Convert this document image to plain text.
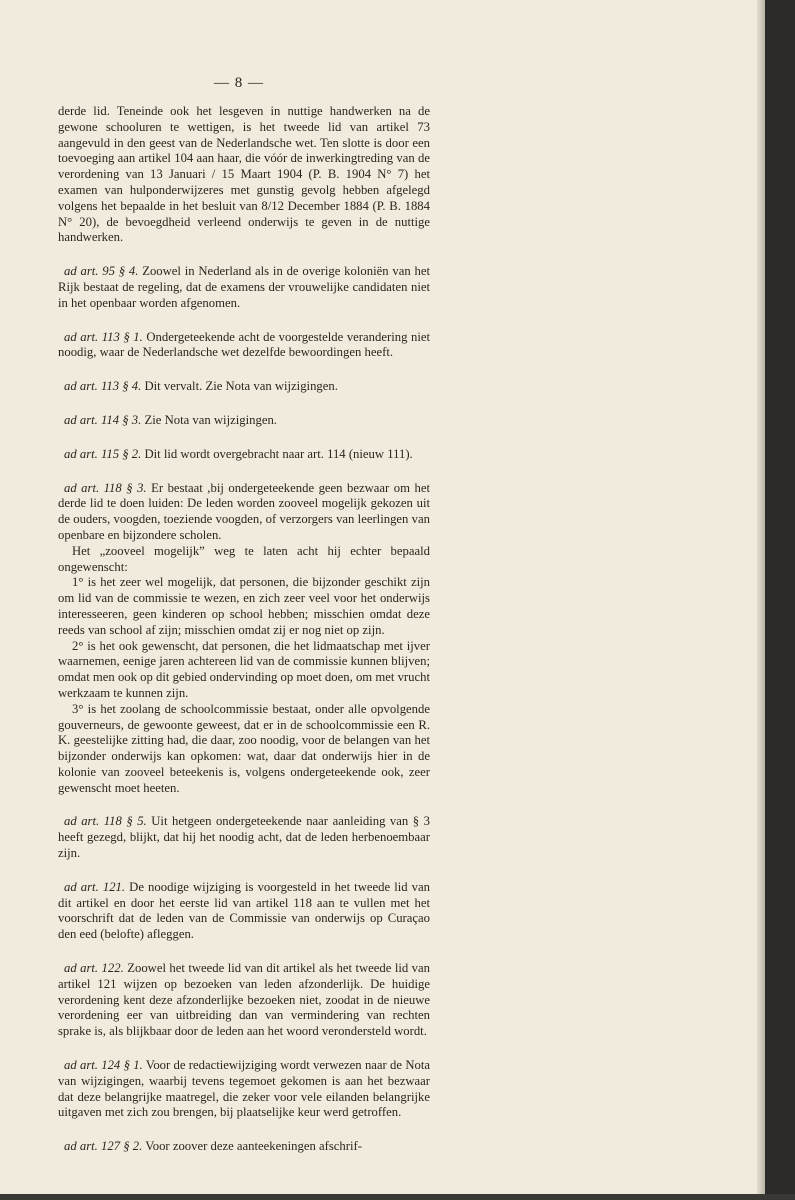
— 8 —

derde lid. Teneinde ook het lesgeven in nuttige handwerken na de gewone schooluren te wettigen, is het tweede lid van artikel 73 aangevuld in den geest van de Nederlandsche wet. Ten slotte is door een toevoeging aan artikel 104 aan haar, die vóór de inwerkingtreding van de verordening van 13 Januari / 15 Maart 1904 (P. B. 1904 N° 7) het examen van hulponderwijzeres met gunstig gevolg hebben afgelegd volgens het bepaalde in het besluit van 8/12 December 1884 (P. B. 1884 N° 20), de bevoegdheid verleend onderwijs te geven in de nuttige handwerken.

ad art. 95 § 4. Zoowel in Nederland als in de overige koloniën van het Rijk bestaat de regeling, dat de examens der vrouwelijke candidaten niet in het openbaar worden afgenomen.

ad art. 113 § 1. Ondergeteekende acht de voorgestelde verandering niet noodig, waar de Nederlandsche wet dezelfde bewoordingen heeft.

ad art. 113 § 4. Dit vervalt. Zie Nota van wijzigingen.

ad art. 114 § 3. Zie Nota van wijzigingen.

ad art. 115 § 2. Dit lid wordt overgebracht naar art. 114 (nieuw 111).

ad art. 118 § 3. Er bestaat ,bij ondergeteekende geen bezwaar om het derde lid te doen luiden: De leden worden zooveel mogelijk gekozen uit de ouders, voogden, toeziende voogden, of verzorgers van leerlingen van openbare en bijzondere scholen.

Het „zooveel mogelijk” weg te laten acht hij echter bepaald ongewenscht:

1° is het zeer wel mogelijk, dat personen, die bijzonder geschikt zijn om lid van de commissie te wezen, en zich zeer veel voor het onderwijs interesseeren, geen kinderen op school hebben; misschien omdat deze reeds van school af zijn; misschien omdat zij er nog niet op zijn.

2° is het ook gewenscht, dat personen, die het lidmaatschap met ijver waarnemen, eenige jaren achtereen lid van de commissie kunnen blijven; omdat men ook op dit gebied ondervinding op moet doen, om met vrucht werkzaam te kunnen zijn.

3° is het zoolang de schoolcommissie bestaat, onder alle opvolgende gouverneurs, de gewoonte geweest, dat er in de schoolcommissie een R. K. geestelijke zitting had, die daar, zoo noodig, voor de belangen van het bijzonder onderwijs kan opkomen: wat, daar dat onderwijs hier in de kolonie van zooveel beteekenis is, volgens ondergeteekende ook, zeer gewenscht moet heeten.

ad art. 118 § 5. Uit hetgeen ondergeteekende naar aanleiding van § 3 heeft gezegd, blijkt, dat hij het noodig acht, dat de leden herbenoembaar zijn.

ad art. 121. De noodige wijziging is voorgesteld in het tweede lid van dit artikel en door het eerste lid van artikel 118 aan te vullen met het voorschrift dat de leden van de Commissie van onderwijs op Curaçao den eed (belofte) afleggen.

ad art. 122. Zoowel het tweede lid van dit artikel als het tweede lid van artikel 121 wijzen op bezoeken van leden afzonderlijk. De huidige verordening kent deze afzonderlijke bezoeken niet, zoodat in de nieuwe verordening eer van uitbreiding dan van vermindering van rechten sprake is, als blijkbaar door de leden aan het woord verondersteld wordt.

ad art. 124 § 1. Voor de redactiewijziging wordt verwezen naar de Nota van wijzigingen, waarbij tevens tegemoet gekomen is aan het bezwaar dat deze belangrijke maatregel, die zeker voor vele eilanden belangrijke uitgaven met zich zou brengen, bij plaatselijke keur werd getroffen.

ad art. 127 § 2. Voor zoover deze aanteekeningen afschrif-
